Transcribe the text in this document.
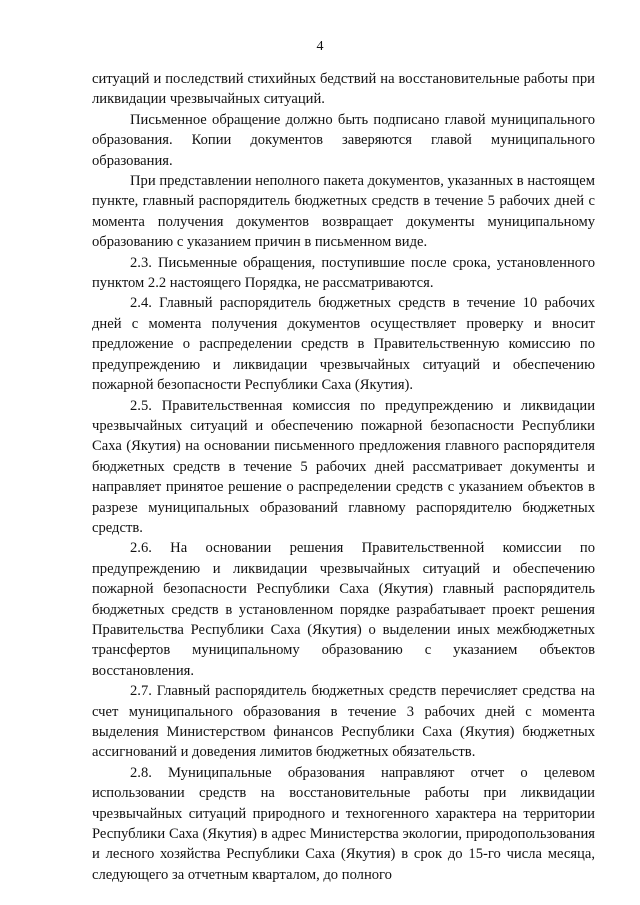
4

ситуаций и последствий стихийных бедствий на восстановительные работы при ликвидации чрезвычайных ситуаций.

Письменное обращение должно быть подписано главой муниципального образования. Копии документов заверяются главой муниципального образования.

При представлении неполного пакета документов, указанных в настоящем пункте, главный распорядитель бюджетных средств в течение 5 рабочих дней с момента получения документов возвращает документы муниципальному образованию с указанием причин в письменном виде.

2.3. Письменные обращения, поступившие после срока, установленного пунктом 2.2 настоящего Порядка, не рассматриваются.

2.4. Главный распорядитель бюджетных средств в течение 10 рабочих дней с момента получения документов осуществляет проверку и вносит предложение о распределении средств в Правительственную комиссию по предупреждению и ликвидации чрезвычайных ситуаций и обеспечению пожарной безопасности Республики Саха (Якутия).

2.5. Правительственная комиссия по предупреждению и ликвидации чрезвычайных ситуаций и обеспечению пожарной безопасности Республики Саха (Якутия) на основании письменного предложения главного распорядителя бюджетных средств в течение 5 рабочих дней рассматривает документы и направляет принятое решение о распределении средств с указанием объектов в разрезе муниципальных образований главному распорядителю бюджетных средств.

2.6. На основании решения Правительственной комиссии по предупреждению и ликвидации чрезвычайных ситуаций и обеспечению пожарной безопасности Республики Саха (Якутия) главный распорядитель бюджетных средств в установленном порядке разрабатывает проект решения Правительства Республики Саха (Якутия) о выделении иных межбюджетных трансфертов муниципальному образованию с указанием объектов восстановления.

2.7. Главный распорядитель бюджетных средств перечисляет средства на счет муниципального образования в течение 3 рабочих дней с момента выделения Министерством финансов Республики Саха (Якутия) бюджетных ассигнований и доведения лимитов бюджетных обязательств.

2.8. Муниципальные образования направляют отчет о целевом использовании средств на восстановительные работы при ликвидации чрезвычайных ситуаций природного и техногенного характера на территории Республики Саха (Якутия) в адрес Министерства экологии, природопользования и лесного хозяйства Республики Саха (Якутия) в срок до 15-го числа месяца, следующего за отчетным кварталом, до полного
